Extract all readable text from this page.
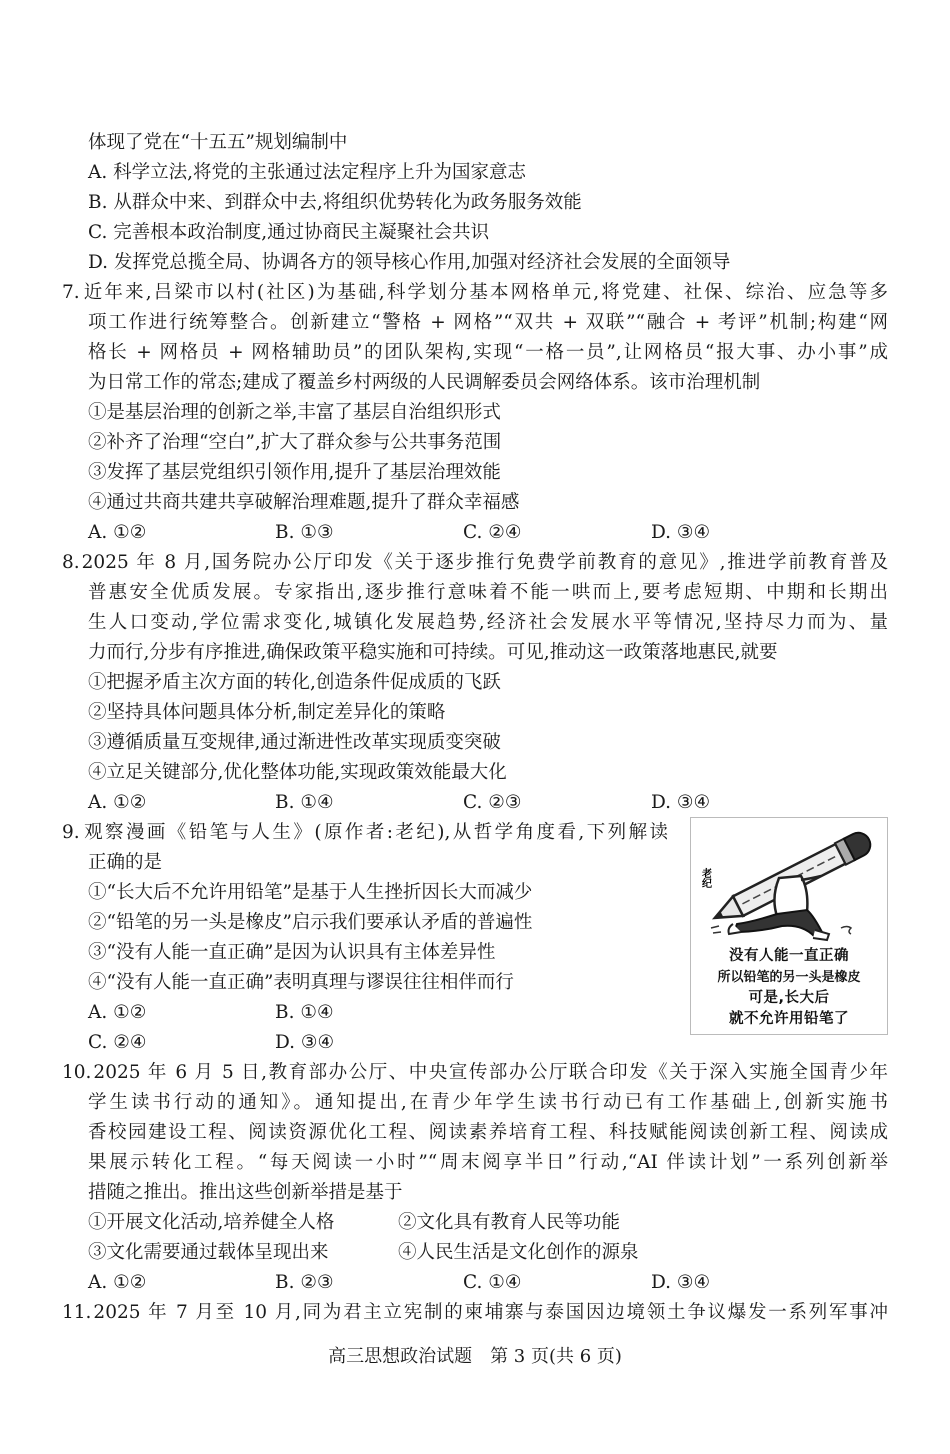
体现了党在“十五五”规划编制中
A. 科学立法,将党的主张通过法定程序上升为国家意志
B. 从群众中来、到群众中去,将组织优势转化为政务服务效能
C. 完善根本政治制度,通过协商民主凝聚社会共识
D. 发挥党总揽全局、协调各方的领导核心作用,加强对经济社会发展的全面领导
7. 近年来,吕梁市以村(社区)为基础,科学划分基本网格单元,将党建、社保、综治、应急等多
项工作进行统筹整合。创新建立“警格 + 网格”“双共 + 双联”“融合 + 考评”机制;构建“网
格长 + 网格员 + 网格辅助员”的团队架构,实现“一格一员”,让网格员“报大事、办小事”成
为日常工作的常态;建成了覆盖乡村两级的人民调解委员会网络体系。该市治理机制
①是基层治理的创新之举,丰富了基层自治组织形式
②补齐了治理“空白”,扩大了群众参与公共事务范围
③发挥了基层党组织引领作用,提升了基层治理效能
④通过共商共建共享破解治理难题,提升了群众幸福感
A. ①②	B. ①③	C. ②④	D. ③④
8. 2025 年 8 月,国务院办公厅印发《关于逐步推行免费学前教育的意见》,推进学前教育普及
普惠安全优质发展。专家指出,逐步推行意味着不能一哄而上,要考虑短期、中期和长期出
生人口变动,学位需求变化,城镇化发展趋势,经济社会发展水平等情况,坚持尽力而为、量
力而行,分步有序推进,确保政策平稳实施和可持续。可见,推动这一政策落地惠民,就要
①把握矛盾主次方面的转化,创造条件促成质的飞跃
②坚持具体问题具体分析,制定差异化的策略
③遵循质量互变规律,通过渐进性改革实现质变突破
④立足关键部分,优化整体功能,实现政策效能最大化
A. ①②	B. ①④	C. ②③	D. ③④
9. 观察漫画《铅笔与人生》(原作者:老纪),从哲学角度看,下列解读
正确的是
①“长大后不允许用铅笔”是基于人生挫折因长大而减少
②“铅笔的另一头是橡皮”启示我们要承认矛盾的普遍性
③“没有人能一直正确”是因为认识具有主体差异性
④“没有人能一直正确”表明真理与谬误往往相伴而行
A. ①②	B. ①④
C. ②④	D. ③④
10. 2025 年 6 月 5 日,教育部办公厅、中央宣传部办公厅联合印发《关于深入实施全国青少年
学生读书行动的通知》。通知提出,在青少年学生读书行动已有工作基础上,创新实施书
香校园建设工程、阅读资源优化工程、阅读素养培育工程、科技赋能阅读创新工程、阅读成
果展示转化工程。“每天阅读一小时”“周末阅享半日”行动,“AI 伴读计划”一系列创新举
措随之推出。推出这些创新举措是基于
①开展文化活动,培养健全人格	②文化具有教育人民等功能
③文化需要通过载体呈现出来	④人民生活是文化创作的源泉
A. ①②	B. ②③	C. ①④	D. ③④
11. 2025 年 7 月至 10 月,同为君主立宪制的柬埔寨与泰国因边境领土争议爆发一系列军事冲
老纪
没有人能一直正确
所以铅笔的另一头是橡皮
可是,长大后
就不允许用铅笔了
高三思想政治试题　第 3 页(共 6 页)
